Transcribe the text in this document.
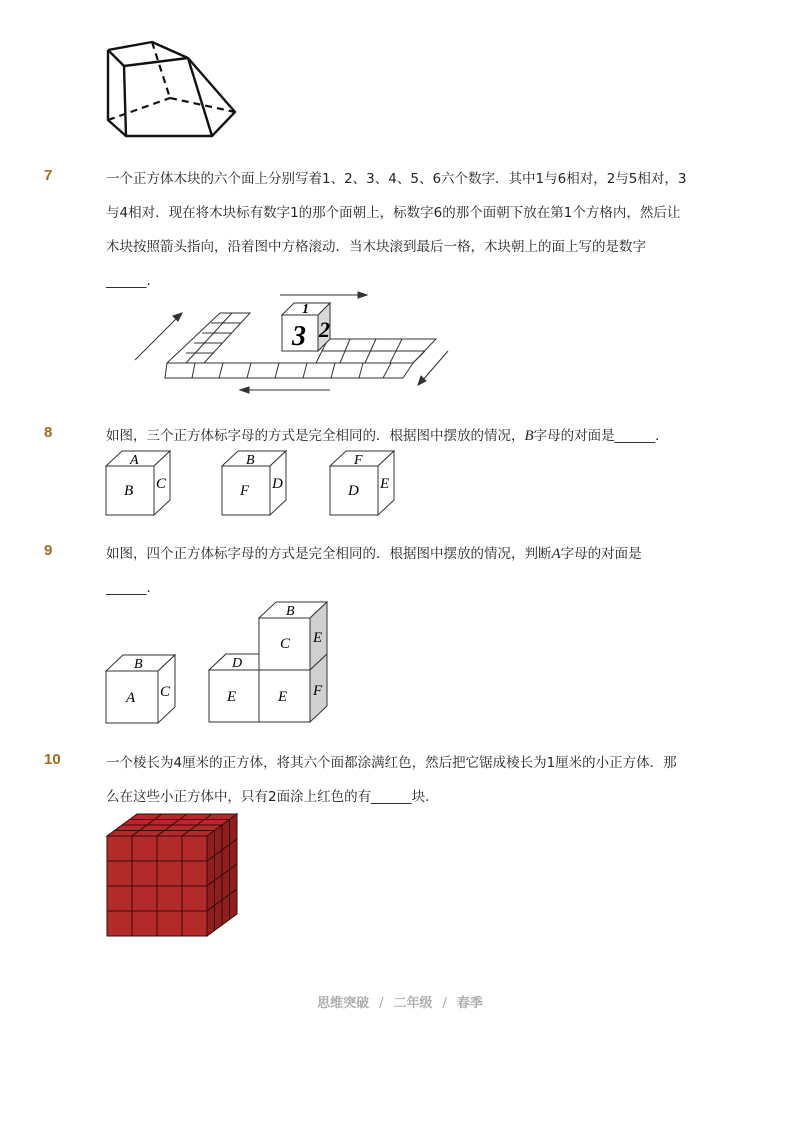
7	一个正方体木块的六个面上分别写着1、2、3、4、5、6六个数字．其中1与6相对，2与5相对，3
与4相对．现在将木块标有数字1的那个面朝上，标数字6的那个面朝下放在第1个方格内，然后让
木块按照箭头指向，沿着图中方格滚动．当木块滚到最后一格，木块朝上的面上写的是数字
______．
1
3 2
8	如图，三个正方体标字母的方式是完全相同的．根据图中摆放的情况，B字母的对面是______．
A
B C
B
F D
F
D E
9	如图，四个正方体标字母的方式是完全相同的．根据图中摆放的情况，判断A字母的对面是
______．
B
A C
B
C E
D
E	E F
10	一个棱长为4厘米的正方体，将其六个面都涂满红色，然后把它锯成棱长为1厘米的小正方体．那
么在这些小正方体中，只有2面涂上红色的有______块．
思维突破 / 二年级 / 春季
